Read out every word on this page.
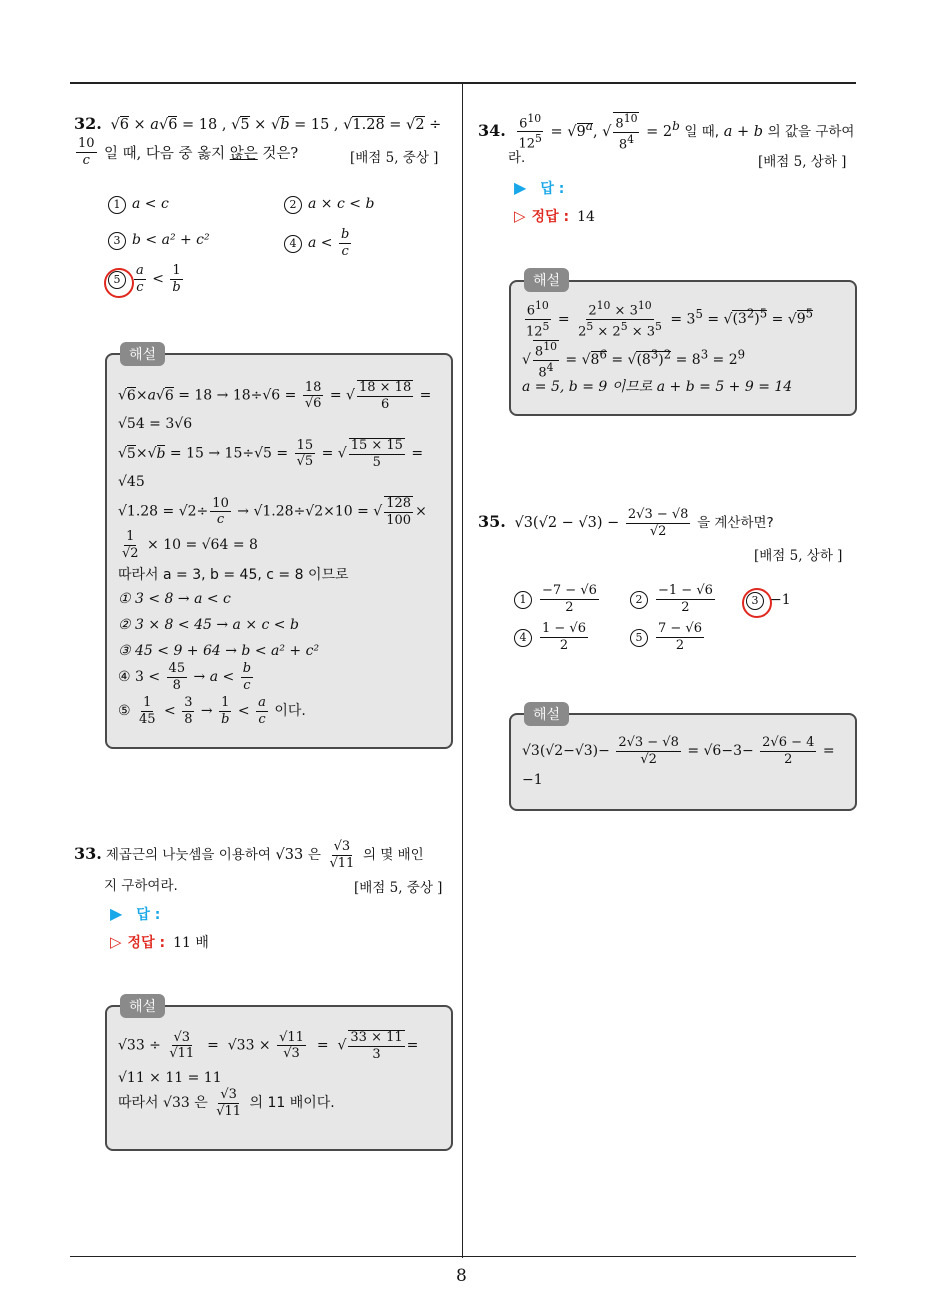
8
32. √6 × a√6 = 18 , √5 × √b = 15 , √1.28 = √2 ÷
$\frac{10}{c}$ 일 때, 다음 중 옳지 않은 것은?	[배점 5, 중상 ]
1 a < c	2 a × c < b
3 b < a² + c²	4 $a < \frac{b}{c}$
$5 \frac{a}{c} < \frac{1}{b}$
해설
$√6\times a√6 = 18 \to 18\div√6 = \frac{18}{√6}$ = √ $\frac{18 \times 18}{6}$ =
√54 = 3√6
$√5\times√b = 15 \to 15\div√5 = \frac{15}{√5}$ = √ $\frac{15 \times 15}{5}$ =
√45
$√1.28 = √2\div \frac{10}{c} \to √1.28\div√2\times 10$ = √ $\frac{128}{100}$ ×
$\frac{1}{√2} \times 10 = √64 = 8$
따라서 a = 3, b = 45, c = 8 이므로
① 3 < 8 → a < c
② 3 × 8 < 45 → a × c < b
③ 45 < 9 + 64 → b < a² + c²
④ $3 < \frac{45}{8} \to a < \frac{b}{c}$
⑤ $\frac{1}{45} < \frac{3}{8} \to \frac{1}{b} < \frac{a}{c}$ 이다.
33. 제곱근의 나눗셈을 이용하여 √33 은 $\frac{√3}{√11}$ 의 몇 배인
지 구하여라.	[배점 5, 중상 ]
▶ 답 :
▷ 정답 : 11 배
해설
$√33 \div \frac{√3}{√11} = √33 \times \frac{√11}{√3}$ =  √ $\frac{33 \times 11}{3}$ =
√11 × 11 = 11
따라서 √33 은 $\frac{√3}{√11}$ 의 11 배이다.
34. $\frac{6^{10}}{12^5} = √9^a$, √ $\frac{8^{10}}{8^4} = 2^b$ 일 때, a + b 의 값을 구하여
라.	[배점 5, 상하 ]
▶ 답 :
▷ 정답 : 14
해설
$\frac{6^{10}}{12^5} = \frac{2^{10} \times 3^{10}}{2^5 \times 2^5 \times 3^5} = 3^5 = √(3^2)^5 = √9^5$
√ $\frac{8^{10}}{8^4} = √8^6 = √(8^3)^2 = 8^3 = 2^9$
a = 5, b = 9 이므로 a + b = 5 + 9 = 14
35. $√3(√2 - √3) - \frac{2√3 - √8}{√2}$ 을 계산하면?
[배점 5, 상하 ]
$1 \frac{-7 - √6}{2}$	$2 \frac{-1 - √6}{2}$	3 −1
$4 \frac{1 - √6}{2}$	$5 \frac{7 - √6}{2}$
해설
$√3(√2-√3)- \frac{2√3 - √8}{√2} = √6-3- \frac{2√6 - 4}{2}$ =
−1
